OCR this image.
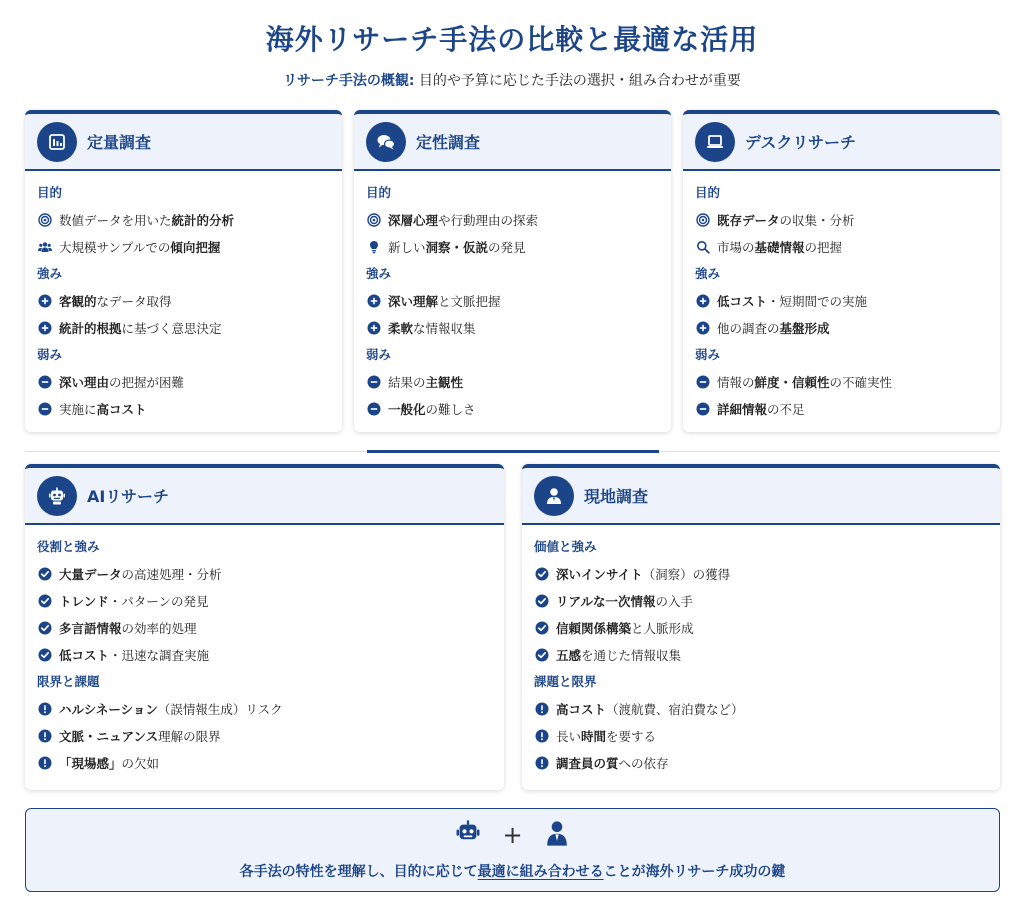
海外リサーチ手法の比較と最適な活用
リサーチ手法の概観: 目的や予算に応じた手法の選択・組み合わせが重要
定量調査
目的
数値データを用いた統計的分析
大規模サンプルでの傾向把握
強み
客観的なデータ取得
統計的根拠に基づく意思決定
弱み
深い理由の把握が困難
実施に高コスト
定性調査
目的
深層心理や行動理由の探索
新しい洞察・仮説の発見
強み
深い理解と文脈把握
柔軟な情報収集
弱み
結果の主観性
一般化の難しさ
デスクリサーチ
目的
既存データの収集・分析
市場の基礎情報の把握
強み
低コスト・短期間での実施
他の調査の基盤形成
弱み
情報の鮮度・信頼性の不確実性
詳細情報の不足
AIリサーチ
役割と強み
大量データの高速処理・分析
トレンド・パターンの発見
多言語情報の効率的処理
低コスト・迅速な調査実施
限界と課題
ハルシネーション（誤情報生成）リスク
文脈・ニュアンス理解の限界
「現場感」の欠如
現地調査
価値と強み
深いインサイト（洞察）の獲得
リアルな一次情報の入手
信頼関係構築と人脈形成
五感を通じた情報収集
課題と限界
高コスト（渡航費、宿泊費など）
長い時間を要する
調査員の質への依存
+
各手法の特性を理解し、目的に応じて最適に組み合わせることが海外リサーチ成功の鍵
